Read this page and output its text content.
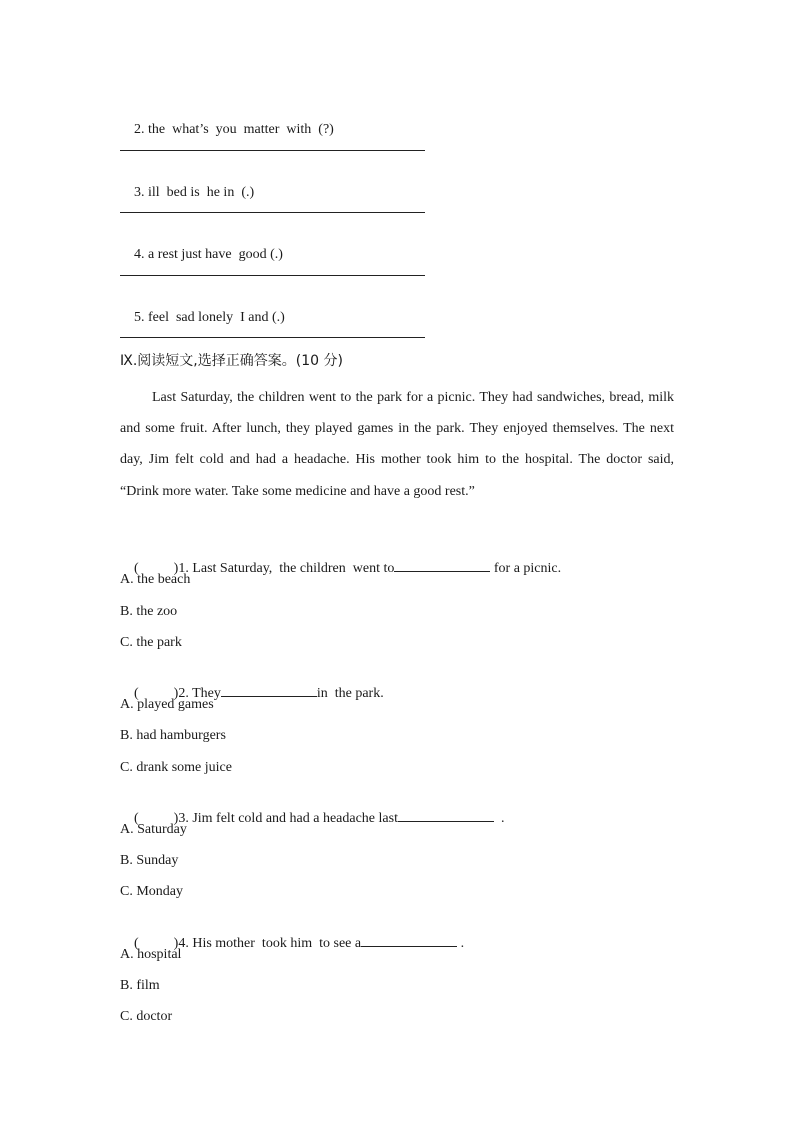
2. the  what’s  you  matter  with  (?)

3. ill  bed is  he in  (.)

4. a rest just have  good (.)

5. feel  sad lonely  I and (.)

Ⅸ.阅读短文,选择正确答案。(10 分)
Last Saturday, the children went to the park for a picnic. They had sandwiches, bread, milk and some fruit. After lunch, they played games in the park. They enjoyed themselves. The next day, Jim felt cold and had a headache. His mother took him to the hospital. The doctor said, “Drink more water. Take some medicine and have a good rest.”

(          )1. Last Saturday,  the children  went to	for a picnic.

A. the beach
B. the zoo
C. the park

(          )2. They	in  the park.

A. played games
B. had hamburgers
C. drank some juice

(          )3. Jim felt cold and had a headache last	.

A. Saturday
B. Sunday
C. Monday

(          )4. His mother  took him  to see a	.

A. hospital
B. film
C. doctor
